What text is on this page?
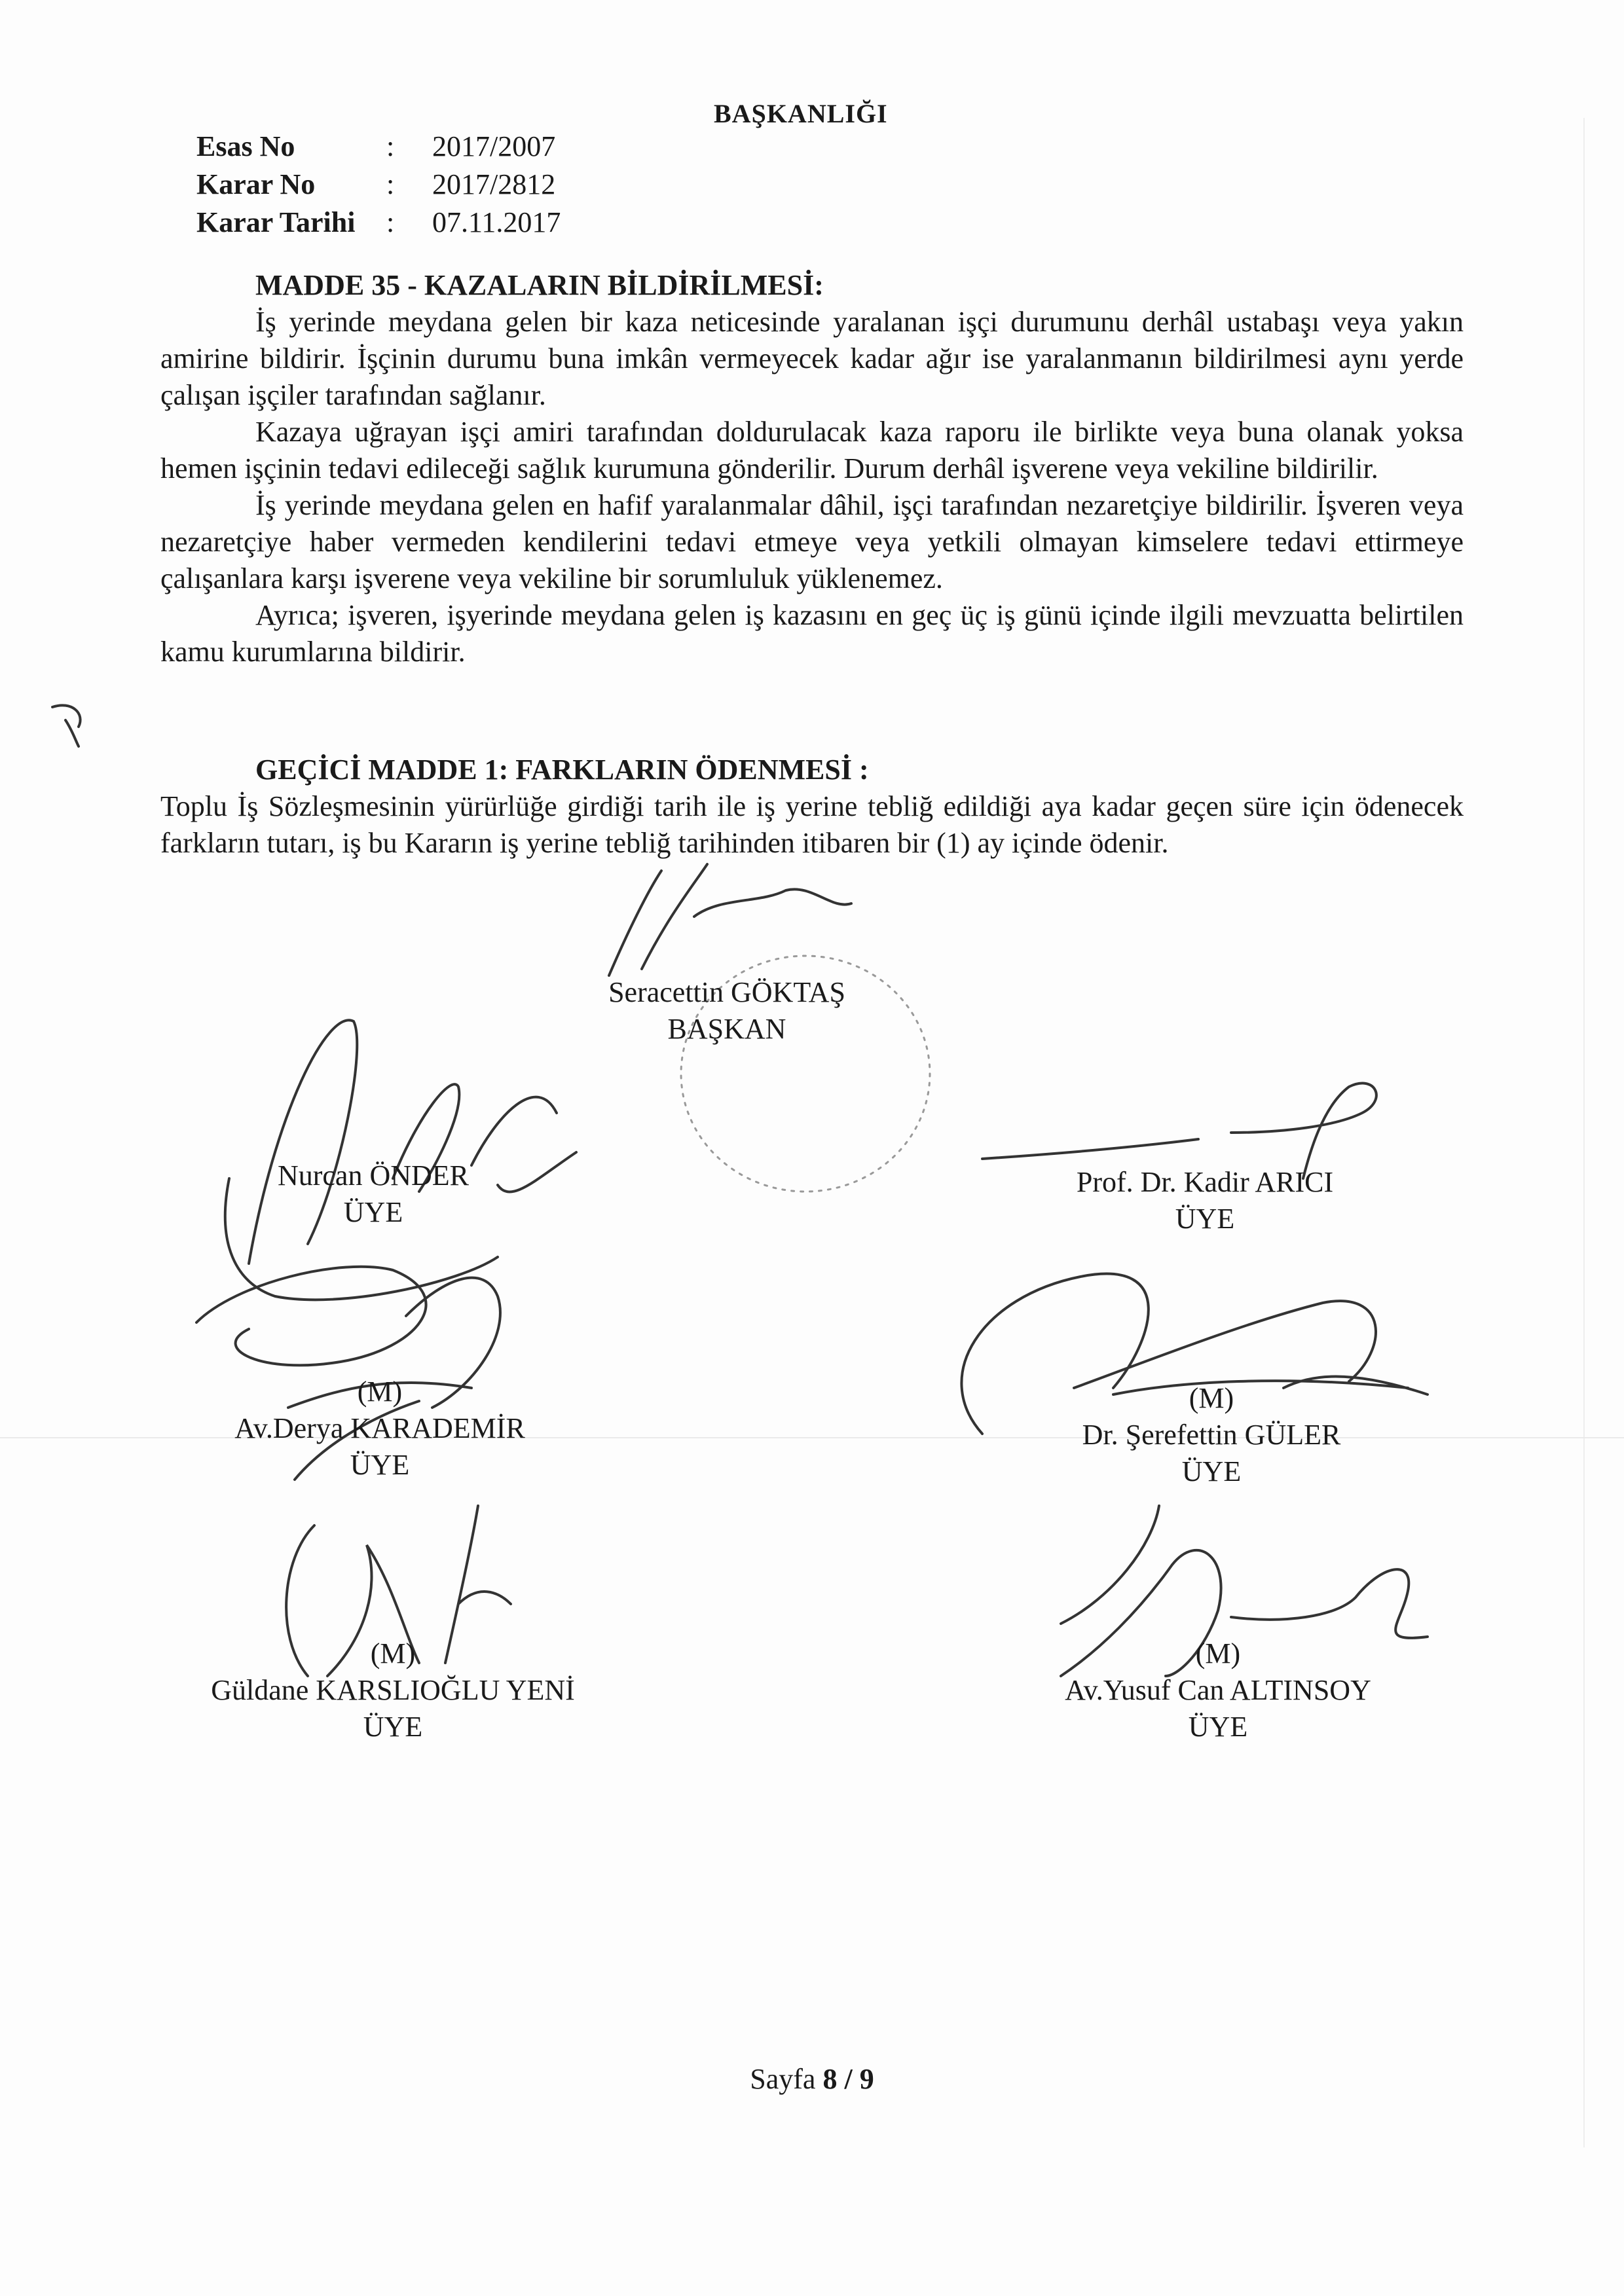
BAŞKANLIĞI
Esas No	:	2017/2007
Karar No	:	2017/2812
Karar Tarihi	:	07.11.2017
MADDE 35 - KAZALARIN BİLDİRİLMESİ:

İş yerinde meydana gelen bir kaza neticesinde yaralanan işçi durumunu derhâl ustabaşı veya yakın amirine bildirir. İşçinin durumu buna imkân vermeyecek kadar ağır ise yaralanmanın bildirilmesi aynı yerde çalışan işçiler tarafından sağlanır.

Kazaya uğrayan işçi amiri tarafından doldurulacak kaza raporu ile birlikte veya buna olanak yoksa hemen işçinin tedavi edileceği sağlık kurumuna gönderilir. Durum derhâl işverene veya vekiline bildirilir.

İş yerinde meydana gelen en hafif yaralanmalar dâhil, işçi tarafından nezaretçiye bildirilir. İşveren veya nezaretçiye haber vermeden kendilerini tedavi etmeye veya yetkili olmayan kimselere tedavi ettirmeye çalışanlara karşı işverene veya vekiline bir sorumluluk yüklenemez.

Ayrıca; işveren, işyerinde meydana gelen iş kazasını en geç üç iş günü içinde ilgili mevzuatta belirtilen kamu kurumlarına bildirir.

GEÇİCİ MADDE 1: FARKLARIN ÖDENMESİ :

Toplu İş Sözleşmesinin yürürlüğe girdiği tarih ile iş yerine tebliğ edildiği aya kadar geçen süre için ödenecek farkların tutarı, iş bu Kararın iş yerine tebliğ tarihinden itibaren bir (1) ay içinde ödenir.

Seracettin GÖKTAŞ
BAŞKAN
Nurcan ÖNDER
ÜYE
Prof. Dr. Kadir ARICI
ÜYE
(M)
Av.Derya KARADEMİR
ÜYE
(M)
Dr. Şerefettin GÜLER
ÜYE
(M)
Güldane KARSLIOĞLU YENİ
ÜYE
(M)
Av.Yusuf Can ALTINSOY
ÜYE
Sayfa 8 / 9
